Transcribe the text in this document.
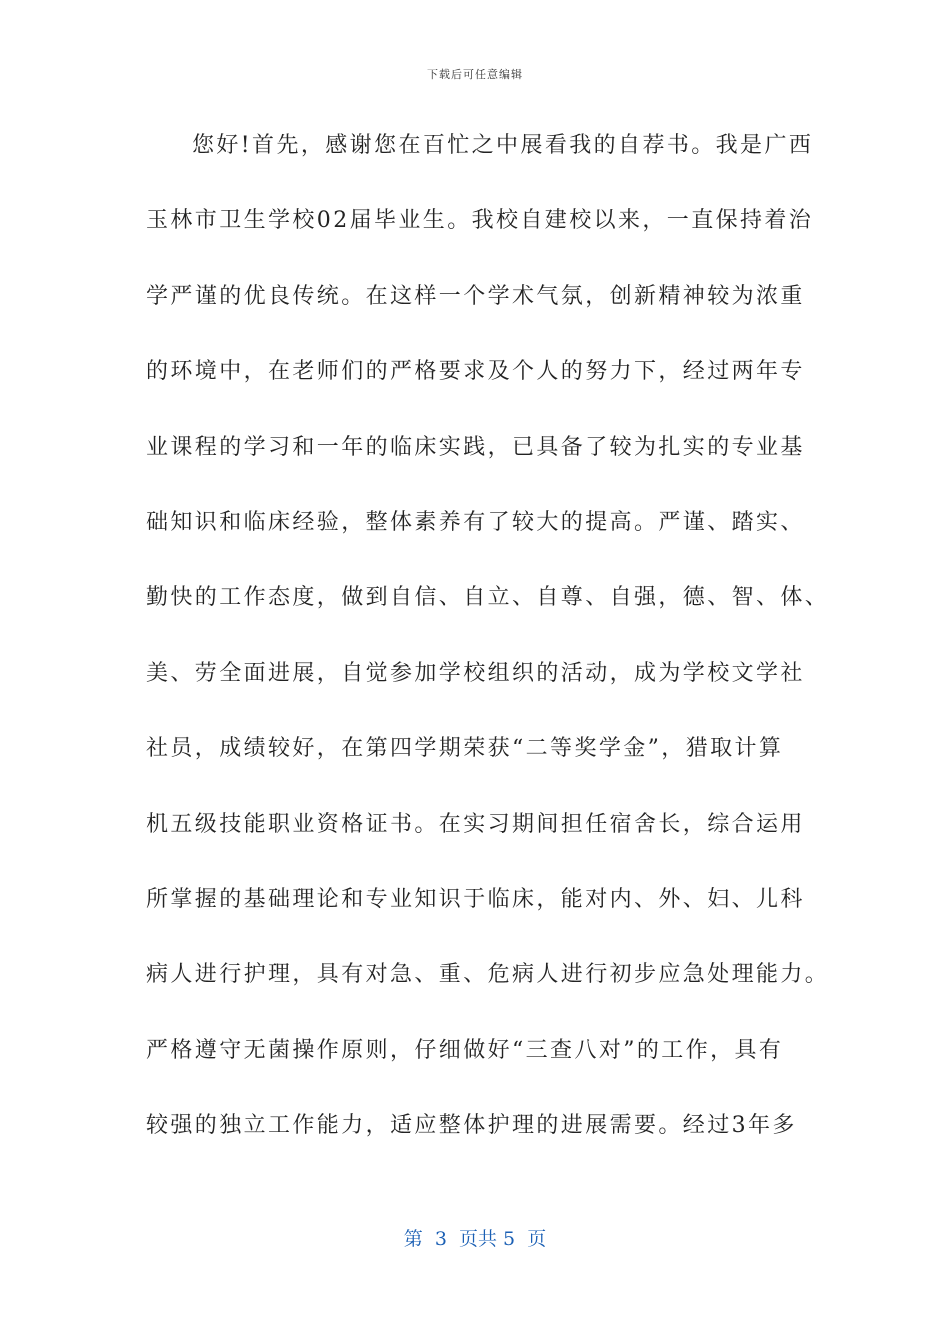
下载后可任意编辑
您好!首先，感谢您在百忙之中展看我的自荐书。我是广西
玉林市卫生学校02届毕业生。我校自建校以来，一直保持着治
学严谨的优良传统。在这样一个学术气氛，创新精神较为浓重
的环境中，在老师们的严格要求及个人的努力下，经过两年专
业课程的学习和一年的临床实践，已具备了较为扎实的专业基
础知识和临床经验，整体素养有了较大的提高。严谨、踏实、
勤快的工作态度，做到自信、自立、自尊、自强，德、智、体、
美、劳全面进展，自觉参加学校组织的活动，成为学校文学社
社员，成绩较好，在第四学期荣获“二等奖学金”，猎取计算
机五级技能职业资格证书。在实习期间担任宿舍长，综合运用
所掌握的基础理论和专业知识于临床，能对内、外、妇、儿科
病人进行护理，具有对急、重、危病人进行初步应急处理能力。
严格遵守无菌操作原则，仔细做好“三查八对”的工作，具有
较强的独立工作能力，适应整体护理的进展需要。经过3年多
第  3  页共 5  页
